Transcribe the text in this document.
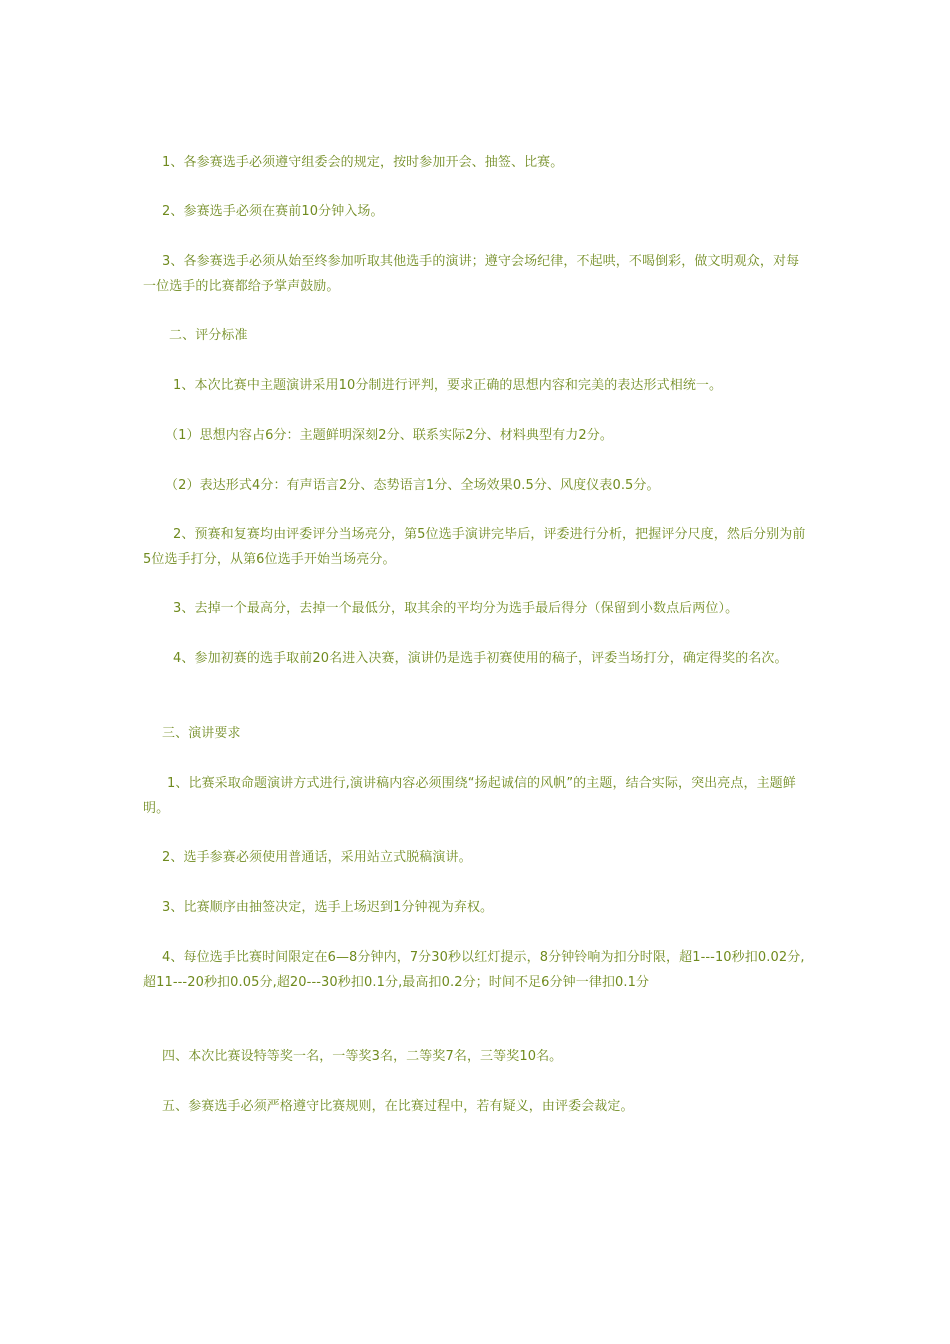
1、各参赛选手必须遵守组委会的规定，按时参加开会、抽签、比赛。
2、参赛选手必须在赛前10分钟入场。
3、各参赛选手必须从始至终参加听取其他选手的演讲；遵守会场纪律，不起哄，不喝倒彩，做文明观众，对每一位选手的比赛都给予掌声鼓励。
二、评分标准
1、本次比赛中主题演讲采用10分制进行评判，要求正确的思想内容和完美的表达形式相统一。
（1）思想内容占6分：主题鲜明深刻2分、联系实际2分、材料典型有力2分。
（2）表达形式4分：有声语言2分、态势语言1分、全场效果0.5分、风度仪表0.5分。
2、预赛和复赛均由评委评分当场亮分，第5位选手演讲完毕后，评委进行分析，把握评分尺度，然后分别为前5位选手打分，从第6位选手开始当场亮分。
3、去掉一个最高分，去掉一个最低分，取其余的平均分为选手最后得分（保留到小数点后两位）。
4、参加初赛的选手取前20名进入决赛，演讲仍是选手初赛使用的稿子，评委当场打分，确定得奖的名次。
三、演讲要求
1、比赛采取命题演讲方式进行,演讲稿内容必须围绕“扬起诚信的风帆”的主题，结合实际，突出亮点，主题鲜明。
2、选手参赛必须使用普通话，采用站立式脱稿演讲。
3、比赛顺序由抽签决定，选手上场迟到1分钟视为弃权。
4、每位选手比赛时间限定在6—8分钟内，7分30秒以红灯提示，8分钟铃响为扣分时限，超1---10秒扣0.02分,超11---20秒扣0.05分,超20---30秒扣0.1分,最高扣0.2分；时间不足6分钟一律扣0.1分
四、本次比赛设特等奖一名，一等奖3名，二等奖7名，三等奖10名。
五、参赛选手必须严格遵守比赛规则，在比赛过程中，若有疑义，由评委会裁定。
